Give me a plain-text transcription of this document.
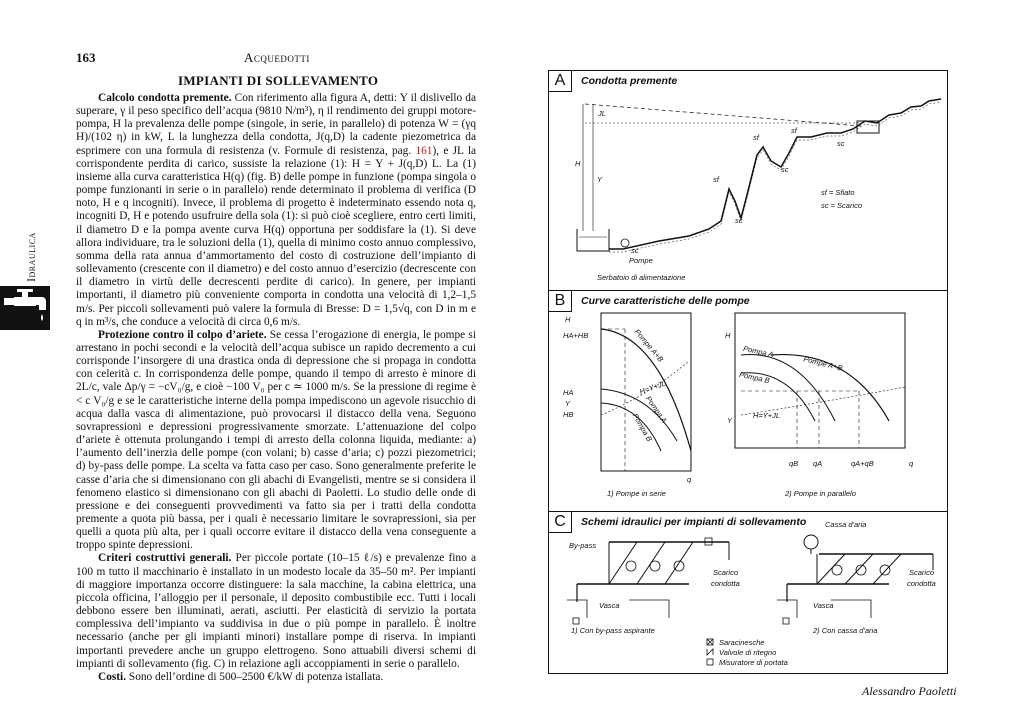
163	Acquedotti
IMPIANTI DI SOLLEVAMENTO
Idraulica

Calcolo condotta premente. Con riferimento alla figura A, detti: Y il dislivello da superare, γ il peso specifico dell’acqua (9810 N/m³), η il rendimento dei gruppi motore-pompa, H la prevalenza delle pompe (singole, in serie, in parallelo) di potenza W = (γq H)/(102 η) in kW, L la lunghezza della condotta, J(q,D) la cadente piezometrica da esprimere con una formula di resistenza (v. Formule di resistenza, pag. 161), e JL la corrispondente perdita di carico, sussiste la relazione (1): H = Y + J(q,D) L. La (1) insieme alla curva caratteristica H(q) (fig. B) delle pompe in funzione (pompa singola o pompe funzionanti in serie o in parallelo) rende determinato il problema di verifica (D noto, H e q incogniti). Invece, il problema di progetto è indeterminato essendo nota q, incogniti D, H e potendo usufruire della sola (1): si può cioè scegliere, entro certi limiti, il diametro D e la pompa avente curva H(q) opportuna per soddisfare la (1). Si deve allora individuare, tra le soluzioni della (1), quella di minimo costo annuo complessivo, somma della rata annua d’ammortamento del costo di costruzione dell’impianto di sollevamento (crescente con il diametro) e del costo annuo d’esercizio (decrescente con il diametro in virtù delle decrescenti perdite di carico). In genere, per impianti importanti, il diametro più conveniente comporta in condotta una velocità di 1,2–1,5 m/s. Per piccoli sollevamenti può valere la formula di Bresse: D = 1,5√q, con D in m e q in m³/s, che conduce a velocità di circa 0,6 m/s.

Protezione contro il colpo d’ariete. Se cessa l’erogazione di energia, le pompe si arrestano in pochi secondi e la velocità dell’acqua subisce un rapido decremento a cui corrisponde l’insorgere di una drastica onda di depressione che si propaga in condotta con celerità c. In corrispondenza delle pompe, quando il tempo di arresto è minore di 2L/c, vale Δp/γ = −cV₀/g, e cioè −100 V₀ per c ≃ 1000 m/s. Se la pressione di regime è < c V₀/g e se le caratteristiche interne della pompa impediscono un agevole risucchio di acqua dalla vasca di alimentazione, può provocarsi il distacco della vena. Seguono sovrapressioni e depressioni progressivamente smorzate. L’attenuazione del colpo d’ariete è ottenuta prolungando i tempi di arresto della colonna liquida, mediante: a) l’aumento dell’inerzia delle pompe (con volani; b) casse d’aria; c) pozzi piezometrici; d) by-pass delle pompe. La scelta va fatta caso per caso. Sono generalmente preferite le casse d’aria che si dimensionano con gli abachi di Evangelisti, mentre se si considera il fenomeno elastico si dimensionano con gli abachi di Paoletti. Lo studio delle onde di pressione e dei conseguenti provvedimenti va fatto sia per i tratti della condotta premente a quota più bassa, per i quali è necessario limitare le sovrapressioni, sia per quelli a quota più alta, per i quali occorre evitare il distacco della vena conseguente a troppo spinte depressioni.

Criteri costruttivi generali. Per piccole portate (10–15 ℓ/s) e prevalenze fino a 100 m tutto il macchinario è installato in un modesto locale da 35–50 m². Per impianti di maggiore importanza occorre distinguere: la sala macchine, la cabina elettrica, una piccola officina, l’alloggio per il personale, il deposito combustibile ecc. Tutti i locali debbono essere ben illuminati, aerati, asciutti. Per elasticità di servizio la portata complessiva dell’impianto va suddivisa in due o più pompe in parallelo. È inoltre necessario (anche per gli impianti minori) installare pompe di riserva. In impianti importanti prevedere anche un gruppo elettrogeno. Sono attuabili diversi schemi di impianti di sollevamento (fig. C) in relazione agli accoppiamenti in serie o parallelo.

Costi. Sono dell’ordine di 500–2500 €/kW di potenza istallata.

A	Condotta premente
JL
H
Y	sf
sf
sf
sc
sc
sc
sc
sf = Sfiato
sc = Scarico
Pompe
Serbatoio di alimentazione
B	Curve caratteristiche delle pompe
H
HA+HB
HA
Y
HB
Pompe A+B
Pompa A
Pompa B
H=Y+JL
q
1) Pompe in serie
H
Pompa A
Pompa B
Pompe A+B
H=Y+JL
Y
qB qA	qA+qB	q
2) Pompe in parallelo
C	Schemi idraulici per impianti di sollevamento
By-pass
Cassa d'aria
Scarico
condotta
Scarico
condotta
Vasca	Vasca
1) Con by-pass aspirante	2) Con cassa d'aria
Saracinesche
Valvole di ritegno
Misuratore di portata
Alessandro Paoletti
